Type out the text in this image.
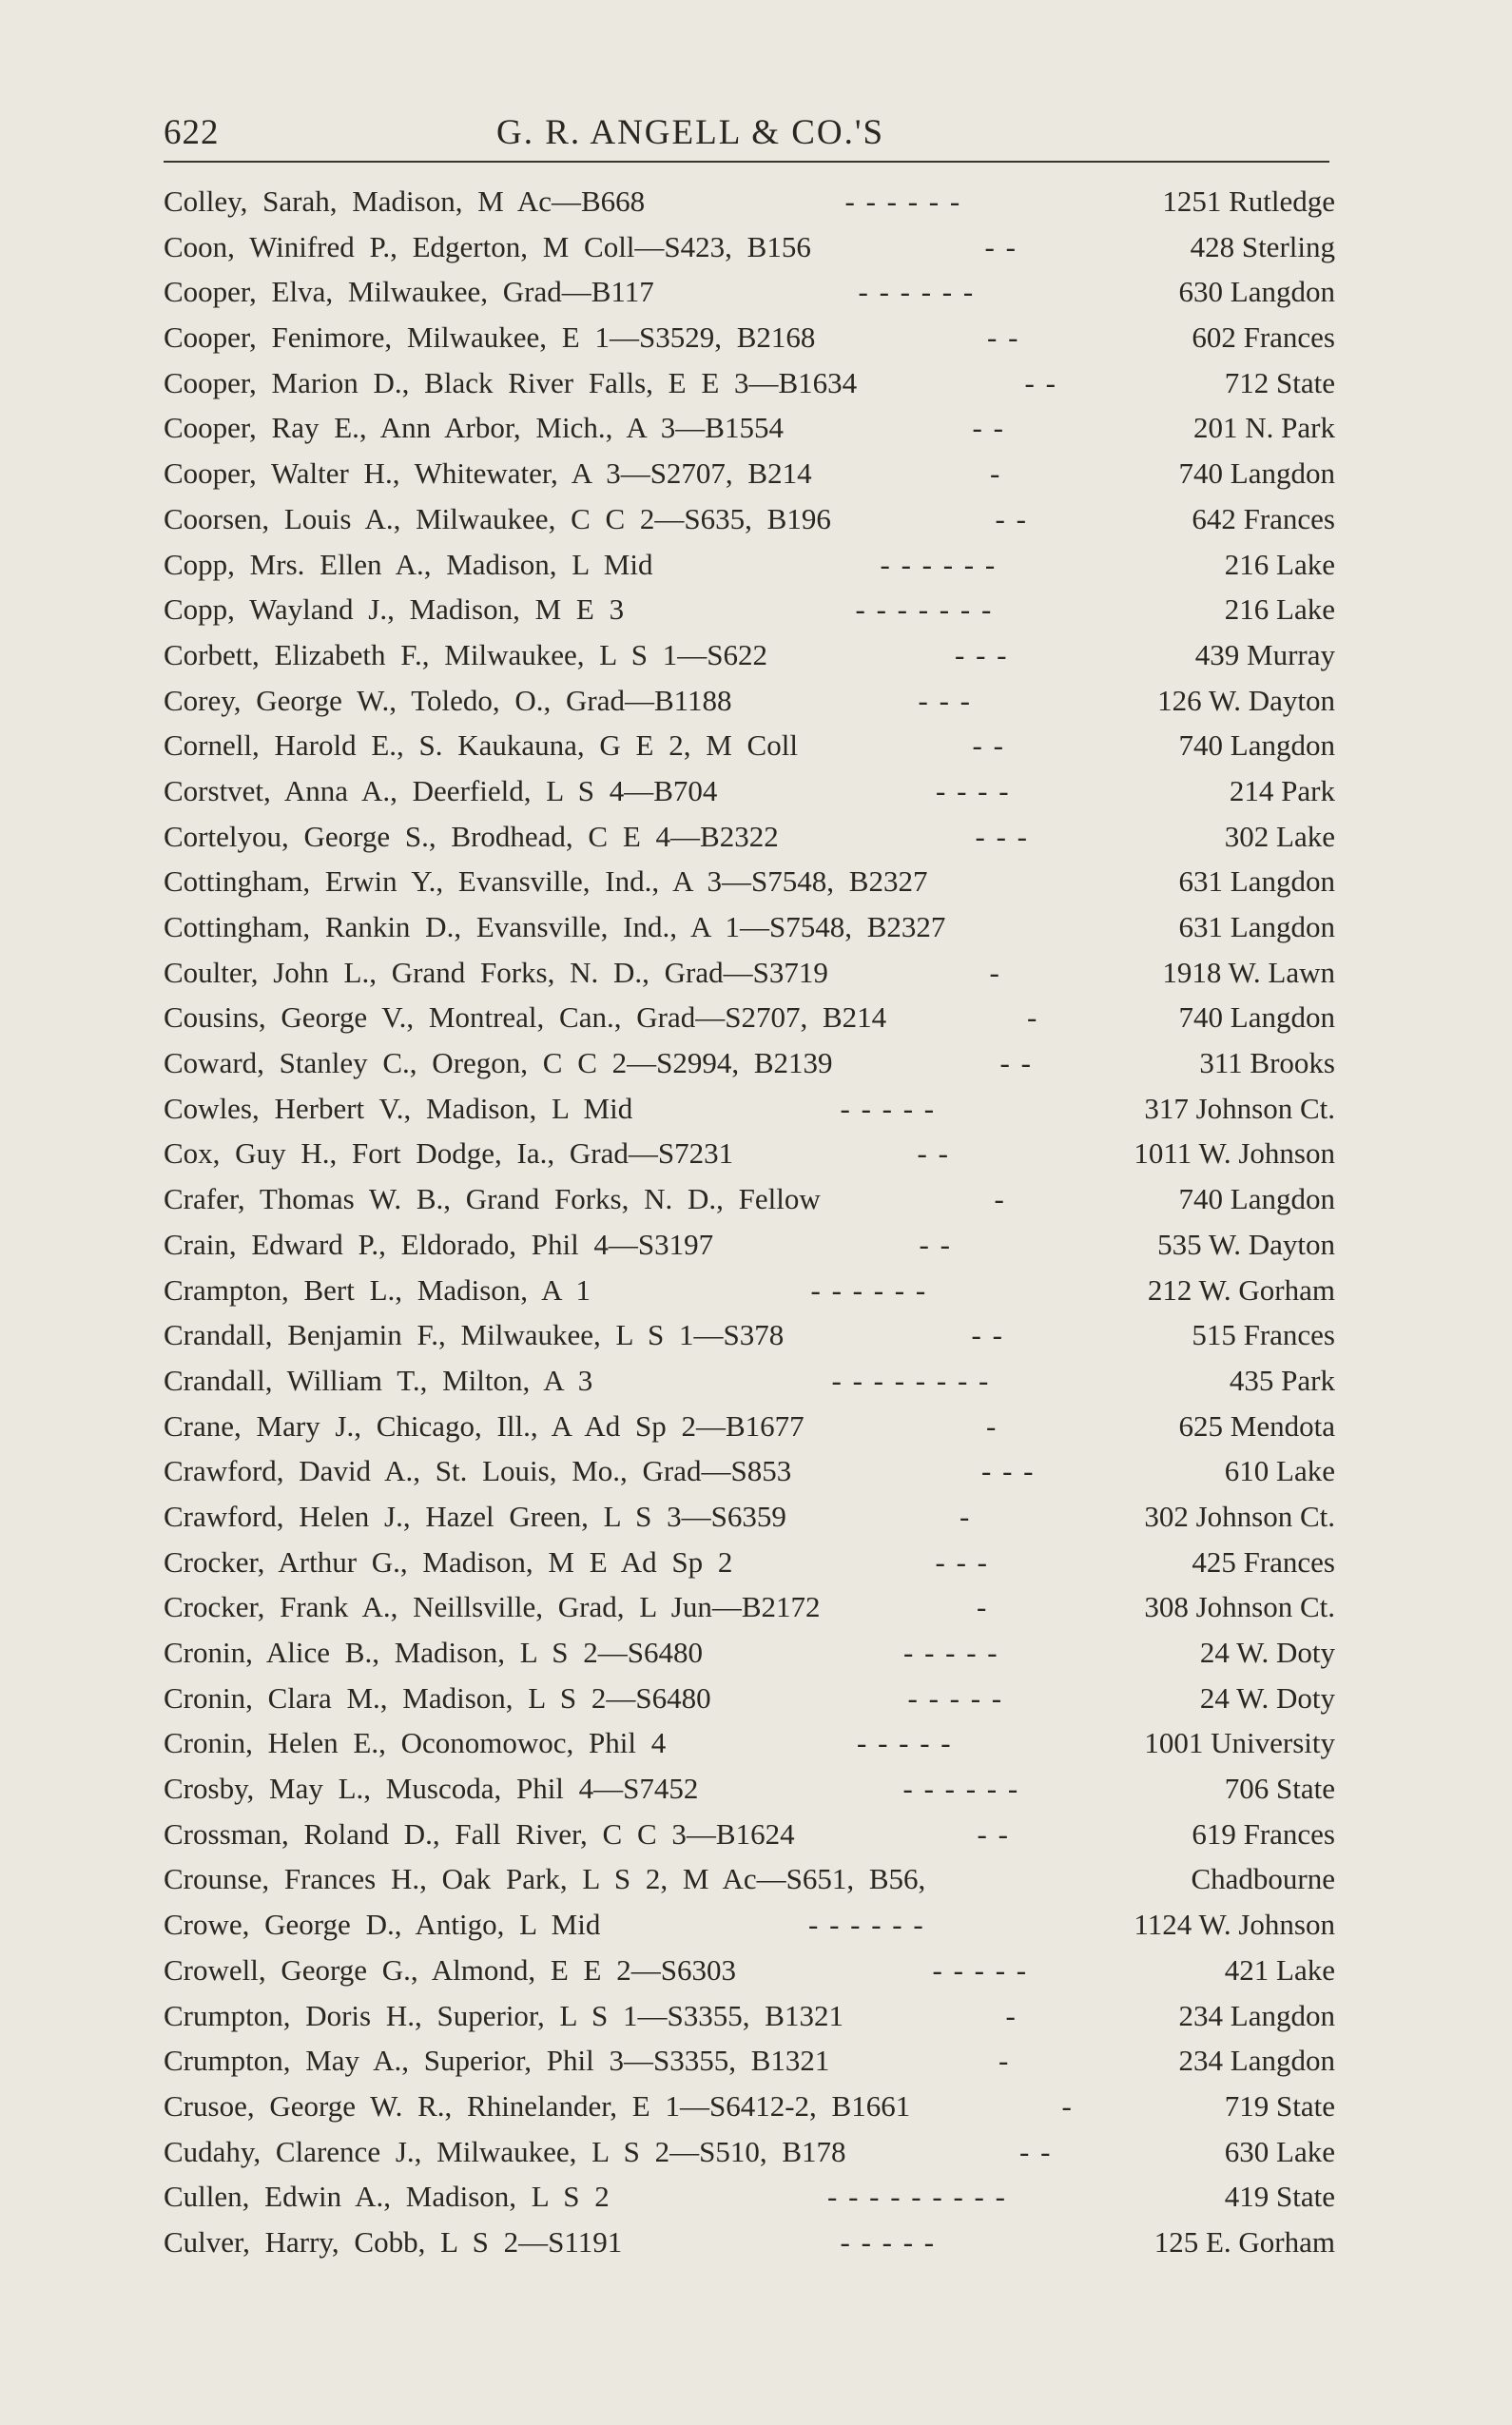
622	G. R. ANGELL & CO.'S
Colley, Sarah, Madison, M Ac—B668	- - - - - -	1251 Rutledge
Coon, Winifred P., Edgerton, M Coll—S423, B156	- -	428 Sterling
Cooper, Elva, Milwaukee, Grad—B117	- - - - - -	630 Langdon
Cooper, Fenimore, Milwaukee, E 1—S3529, B2168	- -	602 Frances
Cooper, Marion D., Black River Falls, E E 3—B1634	- -	712 State
Cooper, Ray E., Ann Arbor, Mich., A 3—B1554	- -	201 N. Park
Cooper, Walter H., Whitewater, A 3—S2707, B214	-	740 Langdon
Coorsen, Louis A., Milwaukee, C C 2—S635, B196	- -	642 Frances
Copp, Mrs. Ellen A., Madison, L Mid	- - - - - -	216 Lake
Copp, Wayland J., Madison, M E 3	- - - - - - -	216 Lake
Corbett, Elizabeth F., Milwaukee, L S 1—S622	- - -	439 Murray
Corey, George W., Toledo, O., Grad—B1188	- - -	126 W. Dayton
Cornell, Harold E., S. Kaukauna, G E 2, M Coll	- -	740 Langdon
Corstvet, Anna A., Deerfield, L S 4—B704	- - - -	214 Park
Cortelyou, George S., Brodhead, C E 4—B2322	- - -	302 Lake
Cottingham, Erwin Y., Evansville, Ind., A 3—S7548, B2327	631 Langdon
Cottingham, Rankin D., Evansville, Ind., A 1—S7548, B2327	631 Langdon
Coulter, John L., Grand Forks, N. D., Grad—S3719	-	1918 W. Lawn
Cousins, George V., Montreal, Can., Grad—S2707, B214	-	740 Langdon
Coward, Stanley C., Oregon, C C 2—S2994, B2139	- -	311 Brooks
Cowles, Herbert V., Madison, L Mid	- - - - -	317 Johnson Ct.
Cox, Guy H., Fort Dodge, Ia., Grad—S7231	- -	1011 W. Johnson
Crafer, Thomas W. B., Grand Forks, N. D., Fellow	-	740 Langdon
Crain, Edward P., Eldorado, Phil 4—S3197	- -	535 W. Dayton
Crampton, Bert L., Madison, A 1	- - - - - -	212 W. Gorham
Crandall, Benjamin F., Milwaukee, L S 1—S378	- -	515 Frances
Crandall, William T., Milton, A 3	- - - - - - - -	435 Park
Crane, Mary J., Chicago, Ill., A Ad Sp 2—B1677	-	625 Mendota
Crawford, David A., St. Louis, Mo., Grad—S853	- - -	610 Lake
Crawford, Helen J., Hazel Green, L S 3—S6359	-	302 Johnson Ct.
Crocker, Arthur G., Madison, M E Ad Sp 2	- - -	425 Frances
Crocker, Frank A., Neillsville, Grad, L Jun—B2172	-	308 Johnson Ct.
Cronin, Alice B., Madison, L S 2—S6480	- - - - -	24 W. Doty
Cronin, Clara M., Madison, L S 2—S6480	- - - - -	24 W. Doty
Cronin, Helen E., Oconomowoc, Phil 4	- - - - -	1001 University
Crosby, May L., Muscoda, Phil 4—S7452	- - - - - -	706 State
Crossman, Roland D., Fall River, C C 3—B1624	- -	619 Frances
Crounse, Frances H., Oak Park, L S 2, M Ac—S651, B56,	Chadbourne
Crowe, George D., Antigo, L Mid	- - - - - -	1124 W. Johnson
Crowell, George G., Almond, E E 2—S6303	- - - - -	421 Lake
Crumpton, Doris H., Superior, L S 1—S3355, B1321	-	234 Langdon
Crumpton, May A., Superior, Phil 3—S3355, B1321	-	234 Langdon
Crusoe, George W. R., Rhinelander, E 1—S6412-2, B1661	-	719 State
Cudahy, Clarence J., Milwaukee, L S 2—S510, B178	- -	630 Lake
Cullen, Edwin A., Madison, L S 2	- - - - - - - - -	419 State
Culver, Harry, Cobb, L S 2—S1191	- - - - -	125 E. Gorham
